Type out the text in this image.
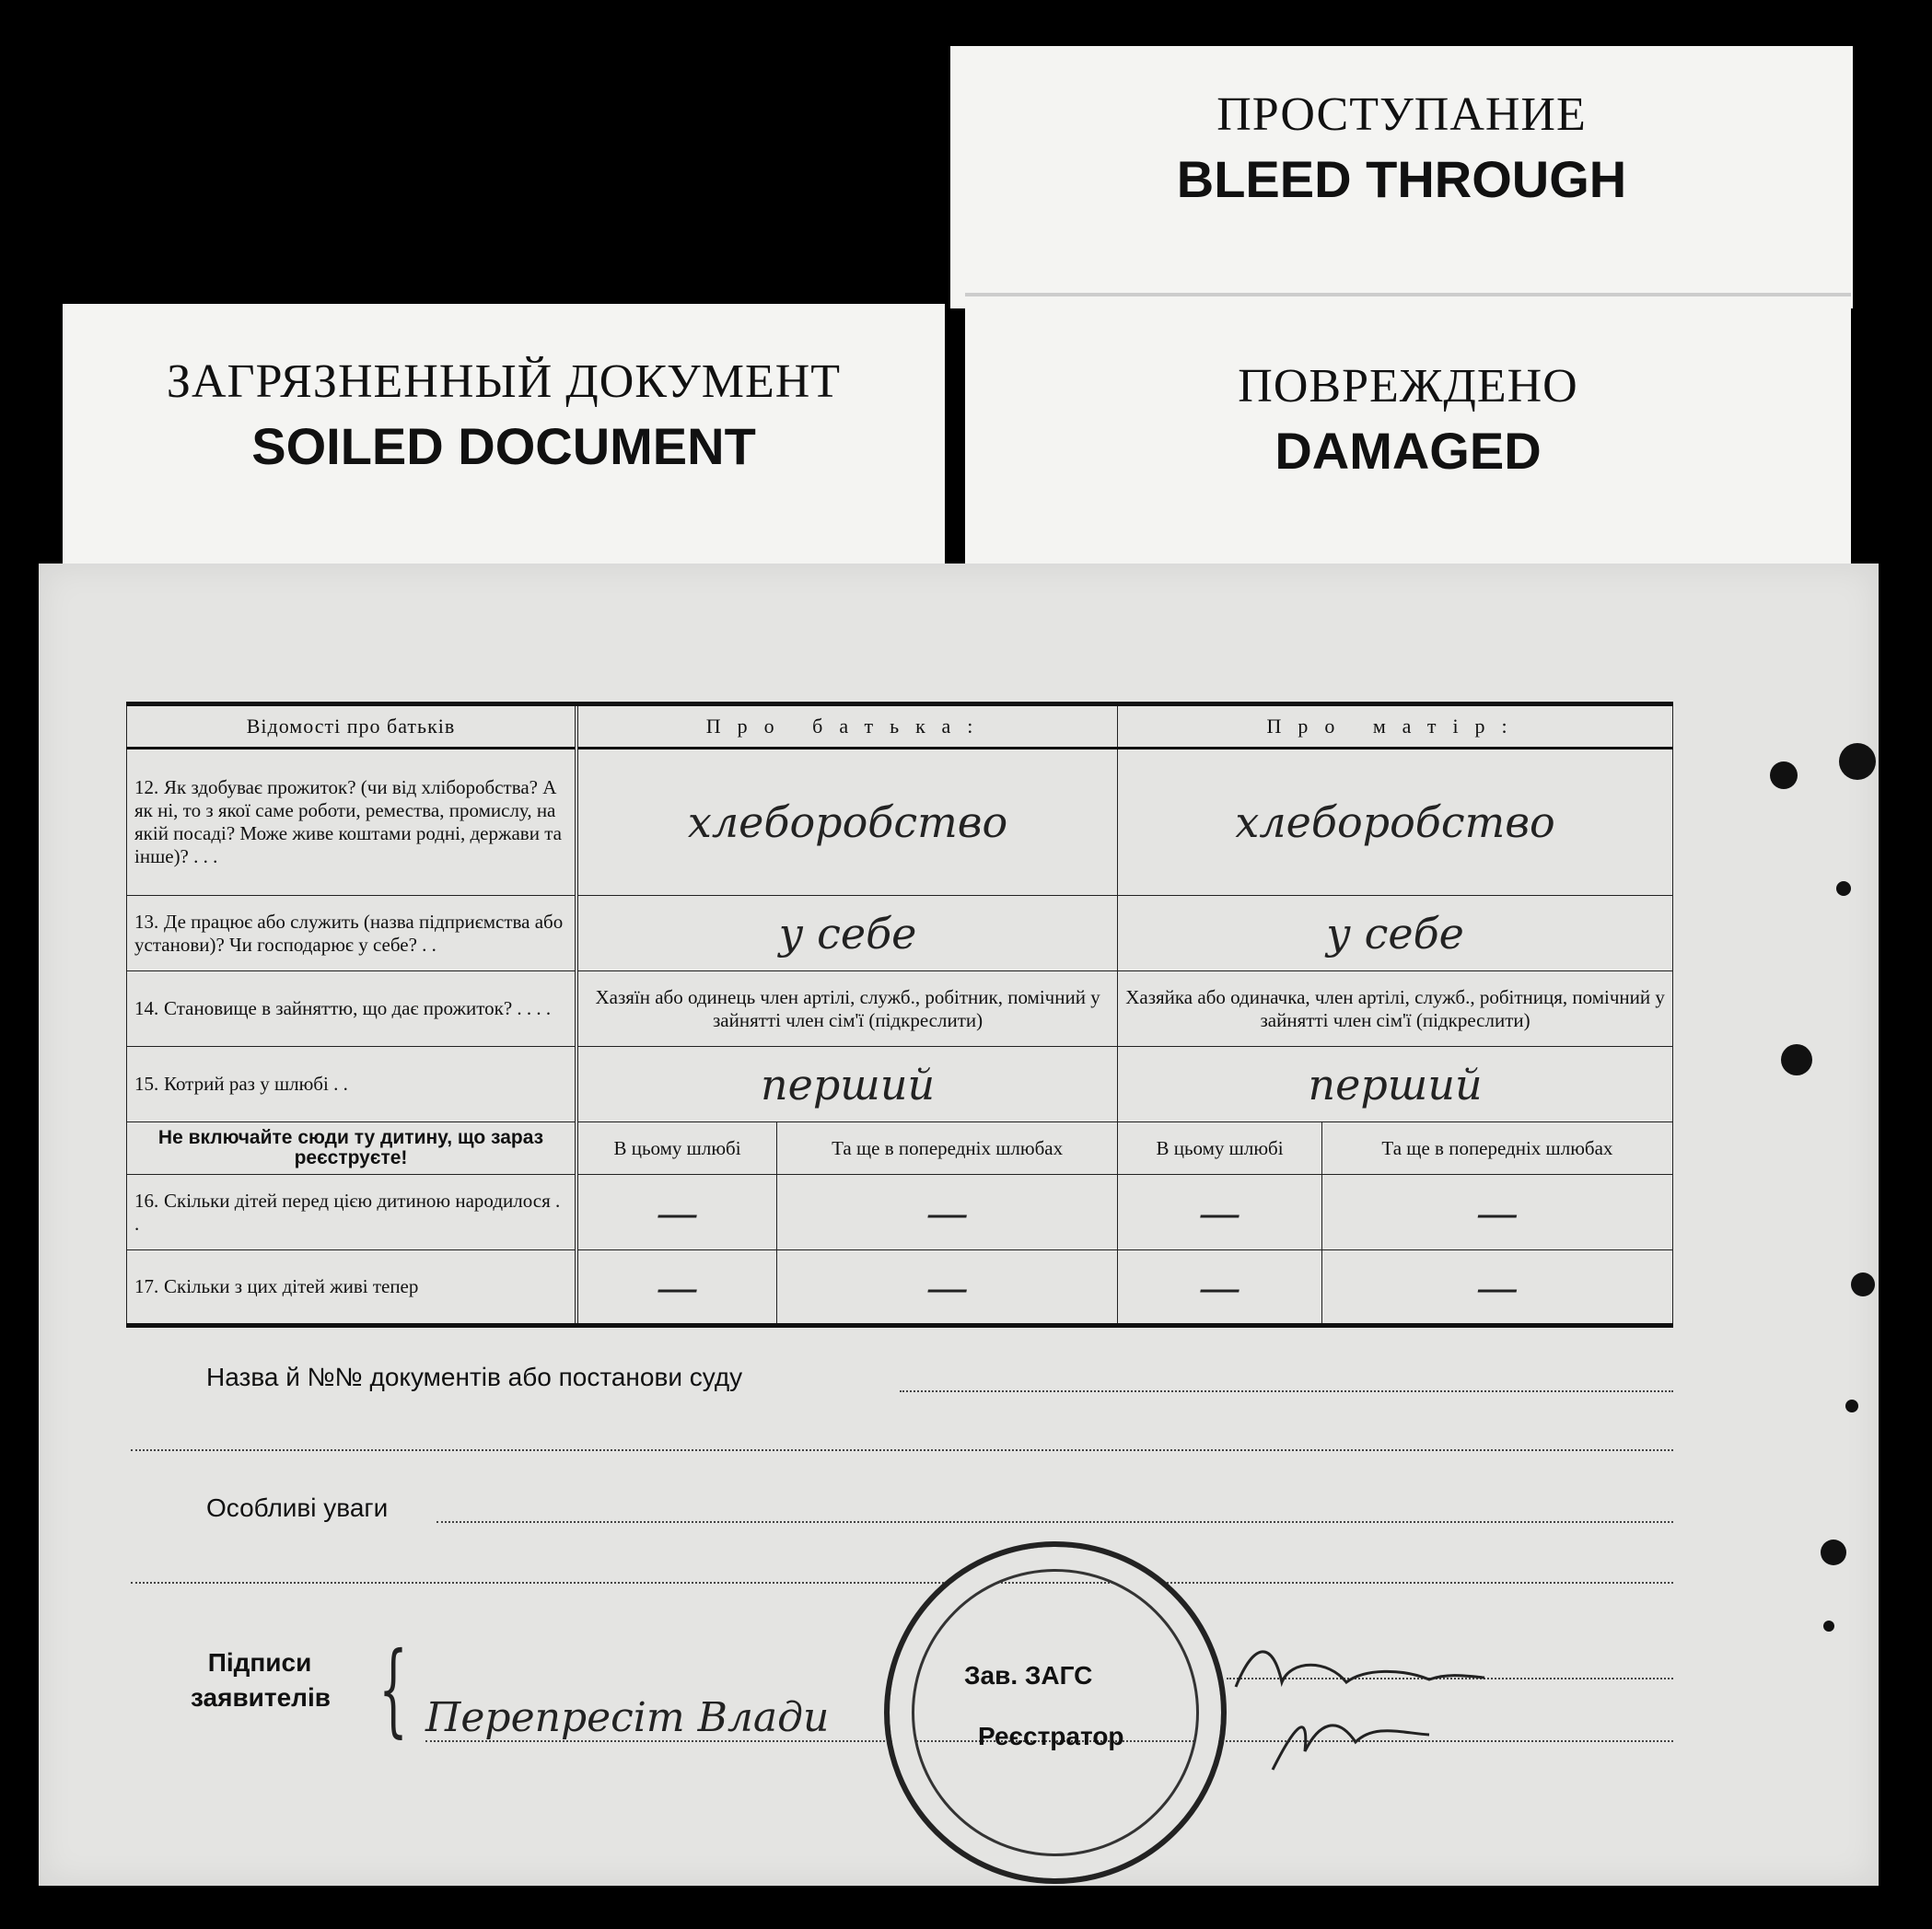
ПРОСТУПАНИЕ
BLEED THROUGH
ПОВРЕЖДЕНО
DAMAGED
ЗАГРЯЗНЕННЫЙ ДОКУМЕНТ
SOILED DOCUMENT
Відомості про батьків	Про батька:		Про матір:	
12. Як здобуває прожиток? (чи від хліборобства? А як ні, то з якої саме роботи, ремества, промислу, на якій посаді? Може живе коштами родні, держави та інше)? . . .	хлеборобство		хлеборобство	
13. Де працює або служить (назва підприємства або установи)? Чи господарює у себе? . .	у себе		у себе	
14. Становище в зайняттю, що дає прожиток? . . . .	Хазяїн або одинець член артілі, служб., робітник, помічний у зайнятті член сім'ї (підкреслити)		Хазяйка або одиначка, член артілі, служб., робітниця, помічний у зайнятті член сім'ї (підкреслити)	
15. Котрий раз у шлюбі . .	перший		перший	
Не включайте сюди ту дитину, що зараз реєструєте!	В цьому шлюбі	Та ще в попередніх шлюбах	В цьому шлюбі	Та ще в попередніх шлюбах
16. Скільки дітей перед цією дитиною народилося . .	—	—	—	—
17. Скільки з цих дітей живі тепер	—	—	—	—
Назва й №№ документів або постанови суду
Особливі уваги
Підписи
заявителів { Перепресіт Влади
Зав. ЗАГС
Реєстратор
